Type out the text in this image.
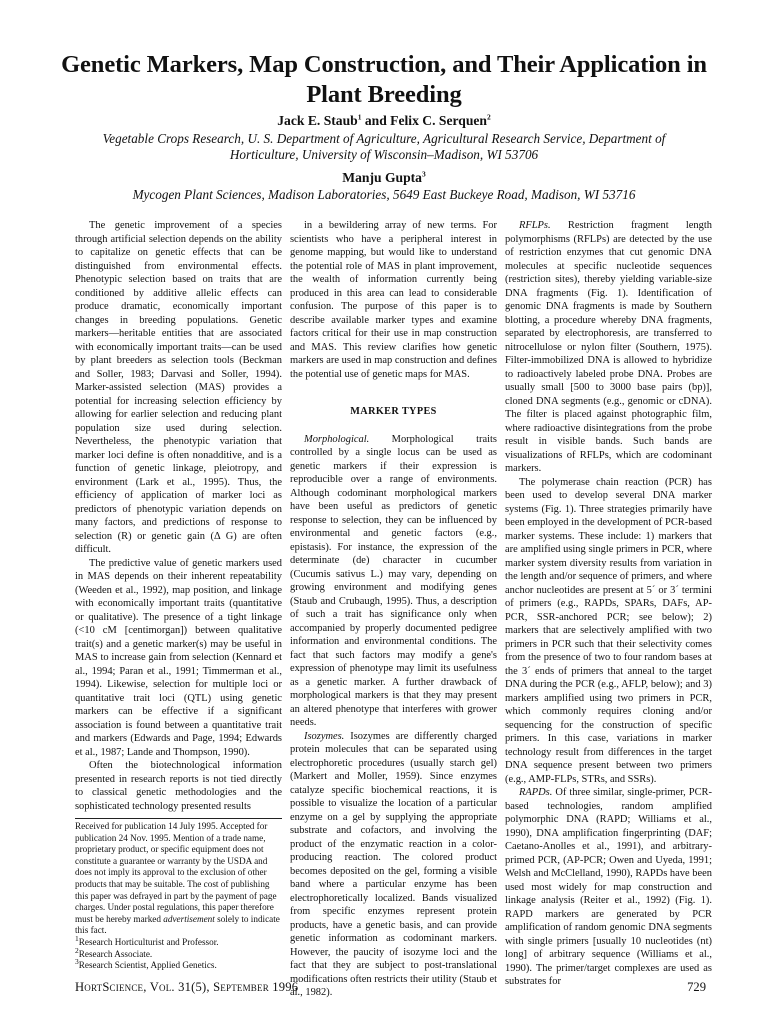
Genetic Markers, Map Construction, and Their Application in Plant Breeding
Jack E. Staub$^1$ and Felix C. Serquen$^2$
Vegetable Crops Research, U. S. Department of Agriculture, Agricultural Research Service, Department of Horticulture, University of Wisconsin–Madison, WI 53706
Manju Gupta$^3$
Mycogen Plant Sciences, Madison Laboratories, 5649 East Buckeye Road, Madison, WI 53716

The genetic improvement of a species through artificial selection depends on the ability to capitalize on genetic effects that can be distinguished from environmental effects. Phenotypic selection based on traits that are conditioned by additive allelic effects can produce dramatic, economically important changes in breeding populations. Genetic markers—heritable entities that are associated with economically important traits—can be used by plant breeders as selection tools (Beckman and Soller, 1983; Darvasi and Soller, 1994). Marker-assisted selection (MAS) provides a potential for increasing selection efficiency by allowing for earlier selection and reducing plant population size used during selection. Nevertheless, the phenotypic variation that marker loci define is often nonadditive, and is a function of genetic linkage, pleiotropy, and environment (Lark et al., 1995). Thus, the efficiency of application of marker loci as predictors of phenotypic variation depends on many factors, and predictions of response to selection (R) or genetic gain (Δ G) are often difficult.

The predictive value of genetic markers used in MAS depends on their inherent repeatability (Weeden et al., 1992), map position, and linkage with economically important traits (quantitative or qualitative). The presence of a tight linkage (<10 cM [centimorgan]) between qualitative trait(s) and a genetic marker(s) may be useful in MAS to increase gain from selection (Kennard et al., 1994; Paran et al., 1991; Timmerman et al., 1994). Likewise, selection for multiple loci or quantitative trait loci (QTL) using genetic markers can be effective if a significant association is found between a quantitative trait and markers (Edwards and Page, 1994; Edwards et al., 1987; Lande and Thompson, 1990).

Often the biotechnological information presented in research reports is not tied directly to classical genetic methodologies and the sophisticated technology presented results

Received for publication 14 July 1995. Accepted for publication 24 Nov. 1995. Mention of a trade name, proprietary product, or specific equipment does not constitute a guarantee or warranty by the USDA and does not imply its approval to the exclusion of other products that may be suitable. The cost of publishing this paper was defrayed in part by the payment of page charges. Under postal regulations, this paper therefore must be hereby marked advertisement solely to indicate this fact.
$^1$Research Horticulturist and Professor.
$^2$Research Associate.
$^3$Research Scientist, Applied Genetics.

in a bewildering array of new terms. For scientists who have a peripheral interest in genome mapping, but would like to understand the potential role of MAS in plant improvement, the wealth of information currently being produced in this area can lead to considerable confusion. The purpose of this paper is to describe available marker types and examine factors critical for their use in map construction and MAS. This review clarifies how genetic markers are used in map construction and defines the potential use of genetic maps for MAS.

MARKER TYPES

Morphological. Morphological traits controlled by a single locus can be used as genetic markers if their expression is reproducible over a range of environments. Although codominant morphological markers have been useful as predictors of genetic response to selection, they can be influenced by environmental and genetic factors (e.g., epistasis). For instance, the expression of the determinate (de) character in cucumber (Cucumis sativus L.) may vary, depending on growing environment and modifying genes (Staub and Crubaugh, 1995). Thus, a description of such a trait has significance only when accompanied by properly documented pedigree information and environmental conditions. The fact that such factors may modify a gene's expression of phenotype may limit its usefulness as a genetic marker. A further drawback of morphological markers is that they may present an altered phenotype that interferes with grower needs.

Isozymes. Isozymes are differently charged protein molecules that can be separated using electrophoretic procedures (usually starch gel) (Markert and Moller, 1959). Since enzymes catalyze specific biochemical reactions, it is possible to visualize the location of a particular enzyme on a gel by supplying the appropriate substrate and cofactors, and involving the product of the enzymatic reaction in a color-producing reaction. The colored product becomes deposited on the gel, forming a visible band where a particular enzyme has been electrophoretically localized. Bands visualized from specific enzymes represent protein products, have a genetic basis, and can provide genetic information as codominant markers. However, the paucity of isozyme loci and the fact that they are subject to post-translational modifications often restricts their utility (Staub et al., 1982).

RFLPs. Restriction fragment length polymorphisms (RFLPs) are detected by the use of restriction enzymes that cut genomic DNA molecules at specific nucleotide sequences (restriction sites), thereby yielding variable-size DNA fragments (Fig. 1). Identification of genomic DNA fragments is made by Southern blotting, a procedure whereby DNA fragments, separated by electrophoresis, are transferred to nitrocellulose or nylon filter (Southern, 1975). Filter-immobilized DNA is allowed to hybridize to radioactively labeled probe DNA. Probes are usually small [500 to 3000 base pairs (bp)], cloned DNA segments (e.g., genomic or cDNA). The filter is placed against photographic film, where radioactive disintegrations from the probe result in visible bands. Such bands are visualizations of RFLPs, which are codominant markers.

The polymerase chain reaction (PCR) has been used to develop several DNA marker systems (Fig. 1). Three strategies primarily have been employed in the development of PCR-based marker systems. These include: 1) markers that are amplified using single primers in PCR, where marker system diversity results from variation in the length and/or sequence of primers, and where anchor nucleotides are present at 5´ or 3´ termini of primers (e.g., RAPDs, SPARs, DAFs, AP-PCR, SSR-anchored PCR; see below); 2) markers that are selectively amplified with two primers in PCR such that their selectivity comes from the presence of two to four random bases at the 3´ ends of primers that anneal to the target DNA during the PCR (e.g., AFLP, below); and 3) markers amplified using two primers in PCR, which commonly requires cloning and/or sequencing for the construction of specific primers. In this case, variations in marker technology result from differences in the target DNA sequence present between two primers (e.g., AMP-FLPs, STRs, and SSRs).

RAPDs. Of three similar, single-primer, PCR-based technologies, random amplified polymorphic DNA (RAPD; Williams et al., 1990), DNA amplification fingerprinting (DAF; Caetano-Anolles et al., 1991), and arbitrary-primed PCR, (AP-PCR; Owen and Uyeda, 1991; Welsh and McClelland, 1990), RAPDs have been used most widely for map construction and linkage analysis (Reiter et al., 1992) (Fig. 1). RAPD markers are generated by PCR amplification of random genomic DNA segments with single primers [usually 10 nucleotides (nt) long] of arbitrary sequence (Williams et al., 1990). The primer/target complexes are used as substrates for

HortScience, Vol. 31(5), September 1996	729
